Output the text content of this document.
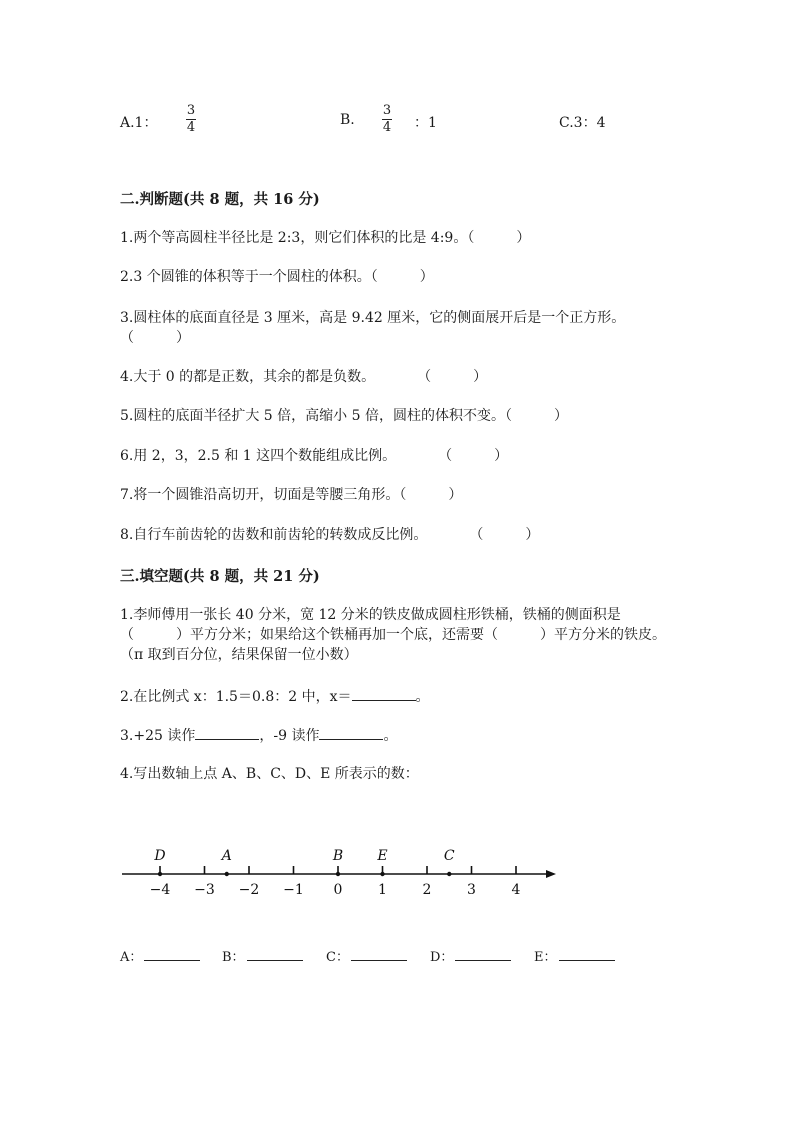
A.1：
3
4	B.
3
4 ：1	C.3：4
二.判断题(共 8 题，共 16 分)
1.两个等高圆柱半径比是 2:3，则它们体积的比是 4:9。（　　　）
2.3 个圆锥的体积等于一个圆柱的体积。（　　　）
3.圆柱体的底面直径是 3 厘米，高是 9.42 厘米，它的侧面展开后是一个正方形。（　　　）
4.大于 0 的都是正数，其余的都是负数。　　　　（　　　）
5.圆柱的底面半径扩大 5 倍，高缩小 5 倍，圆柱的体积不变。（　　　）
6.用 2，3，2.5 和 1 这四个数能组成比例。　　　　（　　　）
7.将一个圆锥沿高切开，切面是等腰三角形。（　　　）
8.自行车前齿轮的齿数和前齿轮的转数成反比例。　　　　（　　　）
三.填空题(共 8 题，共 21 分)
1.李师傅用一张长 40 分米，宽 12 分米的铁皮做成圆柱形铁桶，铁桶的侧面积是（　　　）平方分米；如果给这个铁桶再加一个底，还需要（　　　）平方分米的铁皮。（π 取到百分位，结果保留一位小数）
2.在比例式 x：1.5＝0.8：2 中，x＝	。
3.+25 读作	，-9 读作	。
4.写出数轴上点 A、B、C、D、E 所表示的数：
−4 −3 −2 −1 0	1	2	3	4
D	A	B E	C
A：	B：	C：	D：	E：
